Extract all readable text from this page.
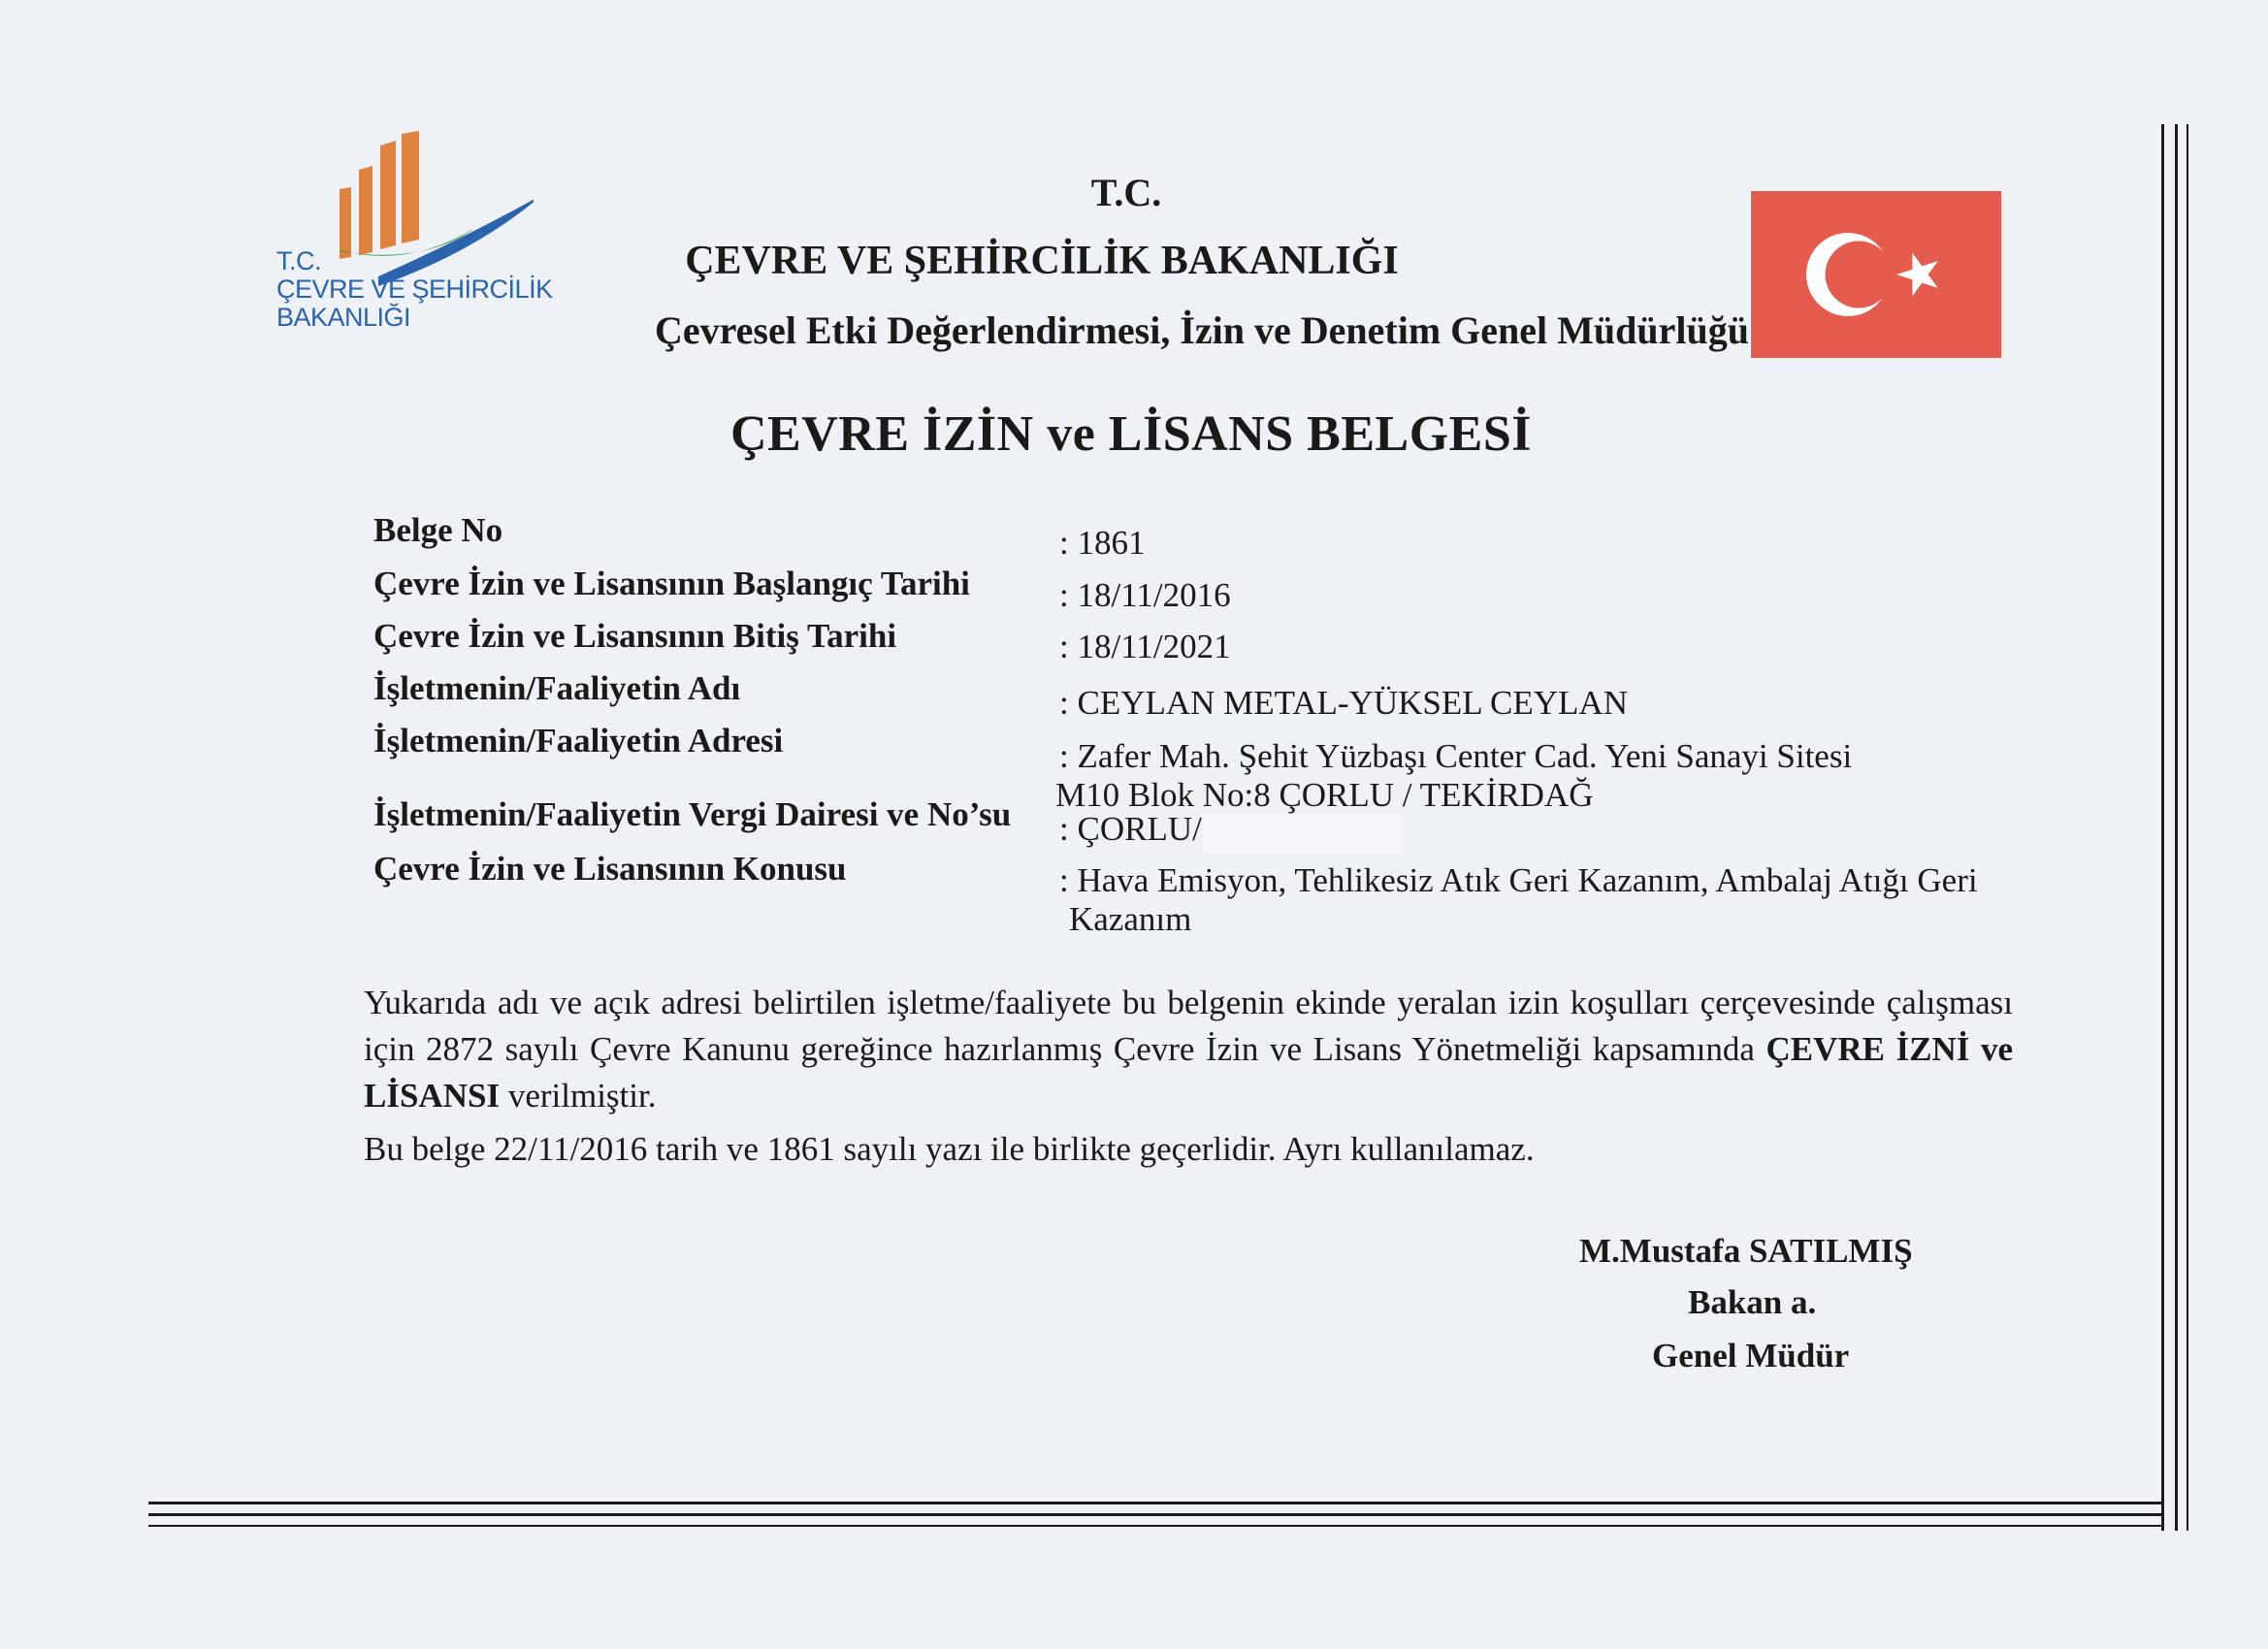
T.C.
ÇEVRE VE ŞEHİRCİLİK
BAKANLIĞI
T.C.
ÇEVRE VE ŞEHİRCİLİK BAKANLIĞI
Çevresel Etki Değerlendirmesi, İzin ve Denetim Genel Müdürlüğü
ÇEVRE İZİN ve LİSANS BELGESİ
Belge No
Çevre İzin ve Lisansının Başlangıç Tarihi
Çevre İzin ve Lisansının Bitiş Tarihi
İşletmenin/Faaliyetin Adı
İşletmenin/Faaliyetin Adresi
İşletmenin/Faaliyetin Vergi Dairesi ve No’su
Çevre İzin ve Lisansının Konusu
: 1861
: 18/11/2016
: 18/11/2021
: CEYLAN METAL-YÜKSEL CEYLAN
: Zafer Mah. Şehit Yüzbaşı Center Cad. Yeni Sanayi Sitesi
M10 Blok No:8 ÇORLU / TEKİRDAĞ
: ÇORLU/
: Hava Emisyon, Tehlikesiz Atık Geri Kazanım, Ambalaj Atığı Geri
Kazanım
Yukarıda adı ve açık adresi belirtilen işletme/faaliyete bu belgenin ekinde yeralan izin koşulları çerçevesinde çalışması için 2872 sayılı Çevre Kanunu gereğince hazırlanmış Çevre İzin ve Lisans Yönetmeliği kapsamında ÇEVRE İZNİ ve LİSANSI verilmiştir.
Bu belge 22/11/2016 tarih ve 1861 sayılı yazı ile birlikte geçerlidir. Ayrı kullanılamaz.
M.Mustafa SATILMIŞ
Bakan a.
Genel Müdür
